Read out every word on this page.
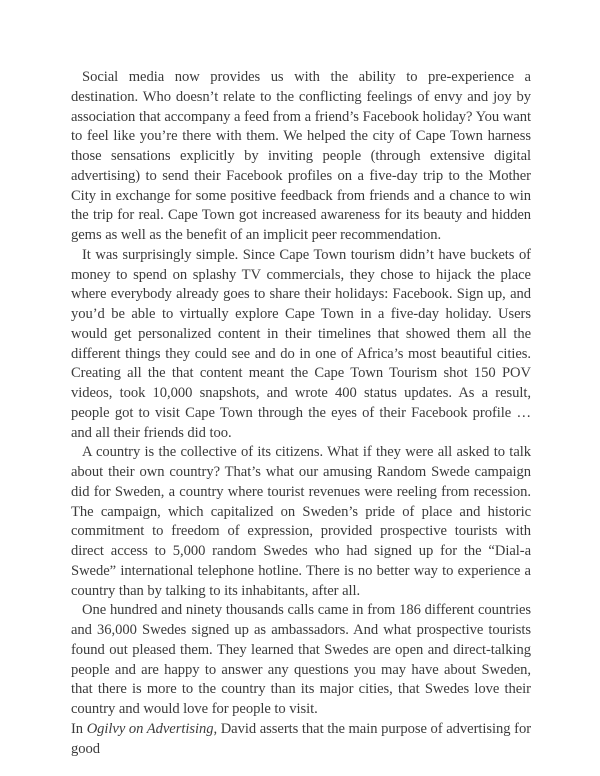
Social media now provides us with the ability to pre-experience a destination. Who doesn’t relate to the conflicting feelings of envy and joy by association that accompany a feed from a friend’s Facebook holiday? You want to feel like you’re there with them. We helped the city of Cape Town harness those sensations explicitly by inviting people (through extensive digital advertising) to send their Facebook profiles on a five-day trip to the Mother City in exchange for some positive feedback from friends and a chance to win the trip for real. Cape Town got increased awareness for its beauty and hidden gems as well as the benefit of an implicit peer recommendation.

It was surprisingly simple. Since Cape Town tourism didn’t have buckets of money to spend on splashy TV commercials, they chose to hijack the place where everybody already goes to share their holidays: Facebook. Sign up, and you’d be able to virtually explore Cape Town in a five-day holiday. Users would get personalized content in their timelines that showed them all the different things they could see and do in one of Africa’s most beautiful cities. Creating all the that content meant the Cape Town Tourism shot 150 POV videos, took 10,000 snapshots, and wrote 400 status updates. As a result, people got to visit Cape Town through the eyes of their Facebook profile … and all their friends did too.

A country is the collective of its citizens. What if they were all asked to talk about their own country? That’s what our amusing Random Swede campaign did for Sweden, a country where tourist revenues were reeling from recession. The campaign, which capitalized on Sweden’s pride of place and historic commitment to freedom of expression, provided prospective tourists with direct access to 5,000 random Swedes who had signed up for the “Dial-a Swede” international telephone hotline. There is no better way to experience a country than by talking to its inhabitants, after all.

One hundred and ninety thousands calls came in from 186 different countries and 36,000 Swedes signed up as ambassadors. And what prospective tourists found out pleased them. They learned that Swedes are open and direct-talking people and are happy to answer any questions you may have about Sweden, that there is more to the country than its major cities, that Swedes love their country and would love for people to visit.

In Ogilvy on Advertising, David asserts that the main purpose of advertising for good
